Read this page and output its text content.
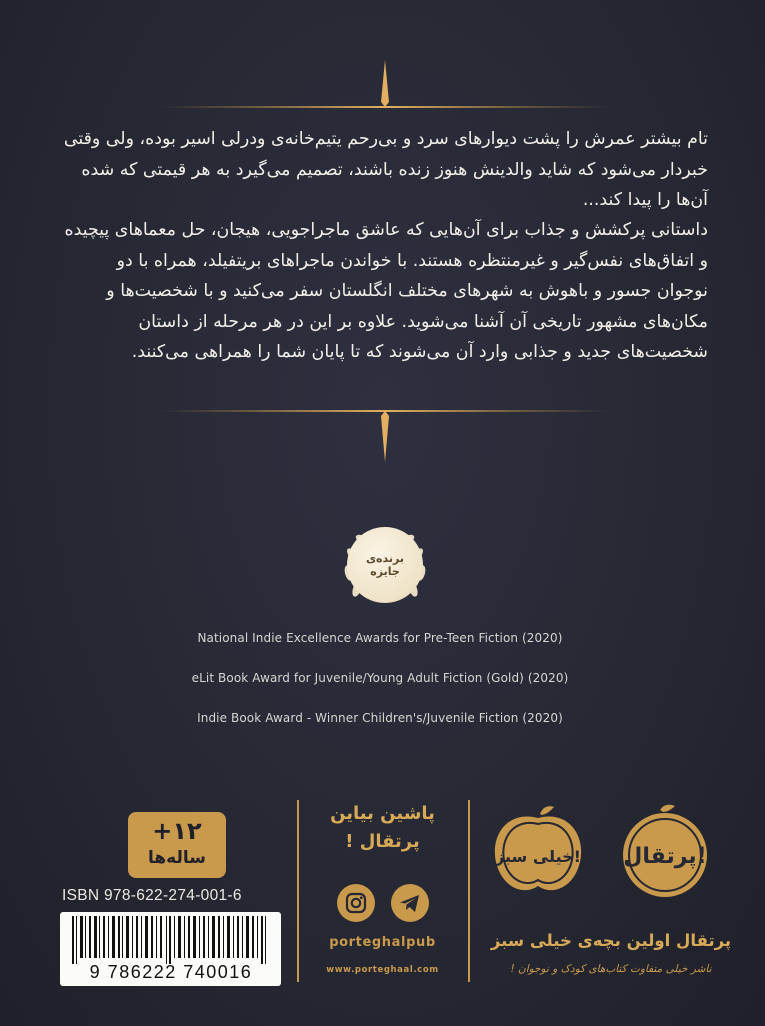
تام بیشتر عمرش را پشت دیوارهای سرد و بی‌رحم یتیم‌خانه‌ی ودرلی اسیر بوده، ولی وقتی خبردار می‌شود که شاید والدینش هنوز زنده باشند، تصمیم می‌گیرد به هر قیمتی که شده آن‌ها را پیدا کند...

داستانی پرکشش و جذاب برای آن‌هایی که عاشق ماجراجویی، هیجان، حل معماهای پیچیده و اتفاق‌های نفس‌گیر و غیرمنتظره هستند. با خواندن ماجراهای بریتفیلد، همراه با دو نوجوان جسور و باهوش به شهرهای مختلف انگلستان سفر می‌کنید و با شخصیت‌ها و مکان‌های مشهور تاریخی آن آشنا می‌شوید. علاوه بر این در هر مرحله از داستان شخصیت‌های جدید و جذابی وارد آن می‌شوند که تا پایان شما را همراهی می‌کنند.

برنده‌ی
جایزه
National Indie Excellence Awards for Pre-Teen Fiction (2020)
eLit Book Award for Juvenile/Young Adult Fiction (Gold) (2020)
Indie Book Award - Winner Children's/Juvenile Fiction (2020)
+۱۲
ساله‌ها
ISBN 978-622-274-001-6
9 786222 740016
پاشین بیاین
پرتقال !
porteghalpub
www.porteghaal.com
پرتقال!
خیلی سبز!
پرتقال اولین بچه‌ی خیلی سبز
ناشر خیلی متفاوت کتاب‌های کودک و نوجوان !
